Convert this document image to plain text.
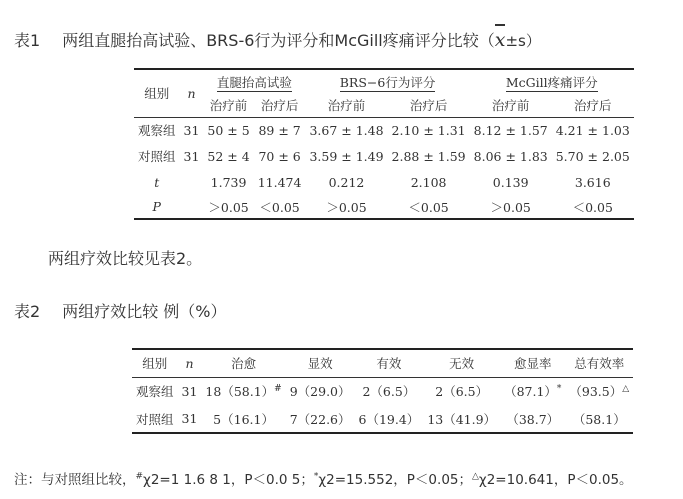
表1 两组直腿抬高试验、BRS-6行为评分和McGill疼痛评分比较（x±s）
组别	n	直腿抬高试验		BRS−6行为评分		McGill疼痛评分	
		治疗前	治疗后	治疗前	治疗后	治疗前	治疗后
观察组	31	50 ± 5	89 ± 7	3.67 ± 1.48	2.10 ± 1.31	8.12 ± 1.57	4.21 ± 1.03
对照组	31	52 ± 4	70 ± 6	3.59 ± 1.49	2.88 ± 1.59	8.06 ± 1.83	5.70 ± 2.05
t		1.739	11.474	0.212	2.108	0.139	3.616
P		＞0.05	＜0.05	＞0.05	＜0.05	＞0.05	＜0.05
两组疗效比较见表2。
表2 两组疗效比较 例（%）
组别	n	治愈	显效	有效	无效	愈显率	总有效率
观察组	31	18（58.1）#	9（29.0）	2（6.5）	2（6.5）	（87.1）*	（93.5）△
对照组	31	5（16.1）	7（22.6）	6（19.4）	13（41.9）	（38.7）	（58.1）
注：与对照组比较，#χ2=1 1.6 8 1，P＜0.0 5；*χ2=15.552，P＜0.05；△χ2=10.641，P＜0.05。
